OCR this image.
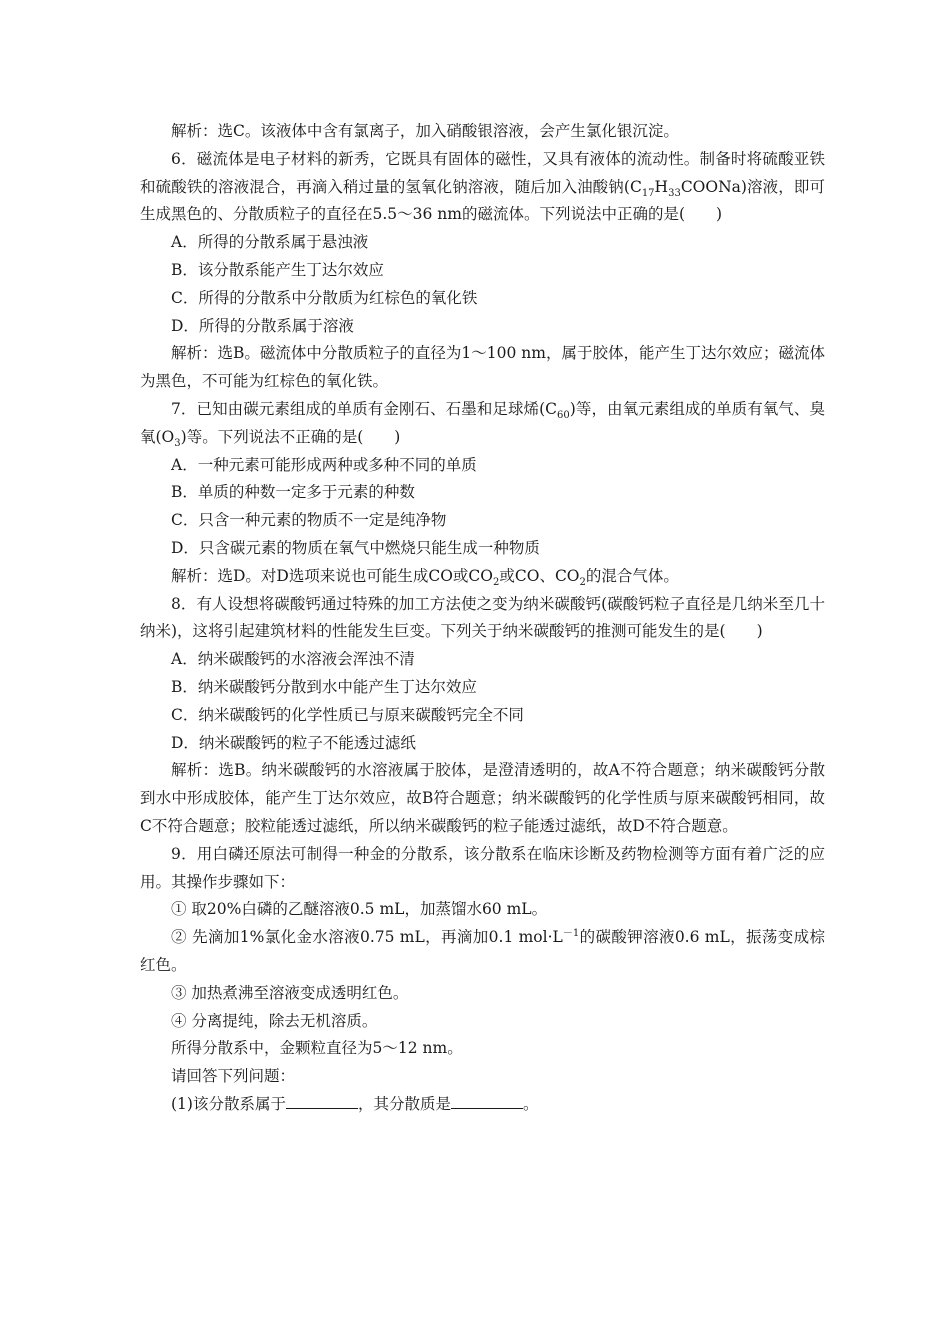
解析：选C。该液体中含有氯离子，加入硝酸银溶液，会产生氯化银沉淀。

6．磁流体是电子材料的新秀，它既具有固体的磁性，又具有液体的流动性。制备时将硫酸亚铁和硫酸铁的溶液混合，再滴入稍过量的氢氧化钠溶液，随后加入油酸钠$(C_{17}H_{33}COONa)$溶液，即可生成黑色的、分散质粒子的直径在5.5～36 nm的磁流体。下列说法中正确的是(　　)

A．所得的分散系属于悬浊液

B．该分散系能产生丁达尔效应

C．所得的分散系中分散质为红棕色的氧化铁

D．所得的分散系属于溶液

解析：选B。磁流体中分散质粒子的直径为1～100 nm，属于胶体，能产生丁达尔效应；磁流体为黑色，不可能为红棕色的氧化铁。

7．已知由碳元素组成的单质有金刚石、石墨和足球烯$(C_{60})$等，由氧元素组成的单质有氧气、臭氧$(O_3)$等。下列说法不正确的是(　　)

A．一种元素可能形成两种或多种不同的单质

B．单质的种数一定多于元素的种数

C．只含一种元素的物质不一定是纯净物

D．只含碳元素的物质在氧气中燃烧只能生成一种物质

解析：选D。对D选项来说也可能生成CO或$CO_2$或CO、$CO_2$的混合气体。

8．有人设想将碳酸钙通过特殊的加工方法使之变为纳米碳酸钙(碳酸钙粒子直径是几纳米至几十纳米)，这将引起建筑材料的性能发生巨变。下列关于纳米碳酸钙的推测可能发生的是(　　)

A．纳米碳酸钙的水溶液会浑浊不清

B．纳米碳酸钙分散到水中能产生丁达尔效应

C．纳米碳酸钙的化学性质已与原来碳酸钙完全不同

D．纳米碳酸钙的粒子不能透过滤纸

解析：选B。纳米碳酸钙的水溶液属于胶体，是澄清透明的，故A不符合题意；纳米碳酸钙分散到水中形成胶体，能产生丁达尔效应，故B符合题意；纳米碳酸钙的化学性质与原来碳酸钙相同，故C不符合题意；胶粒能透过滤纸，所以纳米碳酸钙的粒子能透过滤纸，故D不符合题意。

9．用白磷还原法可制得一种金的分散系，该分散系在临床诊断及药物检测等方面有着广泛的应用。其操作步骤如下：

① 取20%白磷的乙醚溶液0.5 mL，加蒸馏水60 mL。

② 先滴加1%氯化金水溶液0.75 mL，再滴加0.1 $mol\cdot L^{-1}$的碳酸钾溶液0.6 mL，振荡变成棕红色。

③ 加热煮沸至溶液变成透明红色。

④ 分离提纯，除去无机溶质。

所得分散系中，金颗粒直径为5～12 nm。

请回答下列问题：

(1)该分散系属于	，其分散质是	。
